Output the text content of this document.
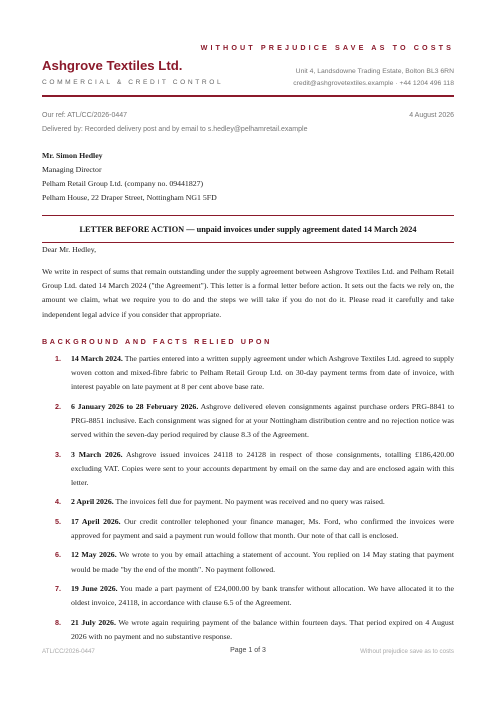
WITHOUT PREJUDICE SAVE AS TO COSTS
Ashgrove Textiles Ltd.
COMMERCIAL & CREDIT CONTROL
Unit 4, Landsdowne Trading Estate, Bolton BL3 6RN
credit@ashgrovetextiles.example · +44 1204 496 118
Our ref: ATL/CC/2026-0447	4 August 2026
Delivered by: Recorded delivery post and by email to s.hedley@pelhamretail.example
Mr. Simon Hedley
Managing Director
Pelham Retail Group Ltd. (company no. 09441827)
Pelham House, 22 Draper Street, Nottingham NG1 5FD
LETTER BEFORE ACTION — unpaid invoices under supply agreement dated 14 March 2024
Dear Mr. Hedley,
We write in respect of sums that remain outstanding under the supply agreement between Ashgrove Textiles Ltd. and Pelham Retail Group Ltd. dated 14 March 2024 ("the Agreement"). This letter is a formal letter before action. It sets out the facts we rely on, the amount we claim, what we require you to do and the steps we will take if you do not do it. Please read it carefully and take independent legal advice if you consider that appropriate.
BACKGROUND AND FACTS RELIED UPON
1. 14 March 2024. The parties entered into a written supply agreement under which Ashgrove Textiles Ltd. agreed to supply woven cotton and mixed-fibre fabric to Pelham Retail Group Ltd. on 30-day payment terms from date of invoice, with interest payable on late payment at 8 per cent above base rate.
2. 6 January 2026 to 28 February 2026. Ashgrove delivered eleven consignments against purchase orders PRG-8841 to PRG-8851 inclusive. Each consignment was signed for at your Nottingham distribution centre and no rejection notice was served within the seven-day period required by clause 8.3 of the Agreement.
3. 3 March 2026. Ashgrove issued invoices 24118 to 24128 in respect of those consignments, totalling £186,420.00 excluding VAT. Copies were sent to your accounts department by email on the same day and are enclosed again with this letter.
4. 2 April 2026. The invoices fell due for payment. No payment was received and no query was raised.
5. 17 April 2026. Our credit controller telephoned your finance manager, Ms. Ford, who confirmed the invoices were approved for payment and said a payment run would follow that month. Our note of that call is enclosed.
6. 12 May 2026. We wrote to you by email attaching a statement of account. You replied on 14 May stating that payment would be made "by the end of the month". No payment followed.
7. 19 June 2026. You made a part payment of £24,000.00 by bank transfer without allocation. We have allocated it to the oldest invoice, 24118, in accordance with clause 6.5 of the Agreement.
8. 21 July 2026. We wrote again requiring payment of the balance within fourteen days. That period expired on 4 August 2026 with no payment and no substantive response.
ATL/CC/2026-0447	Page 1 of 3	Without prejudice save as to costs
